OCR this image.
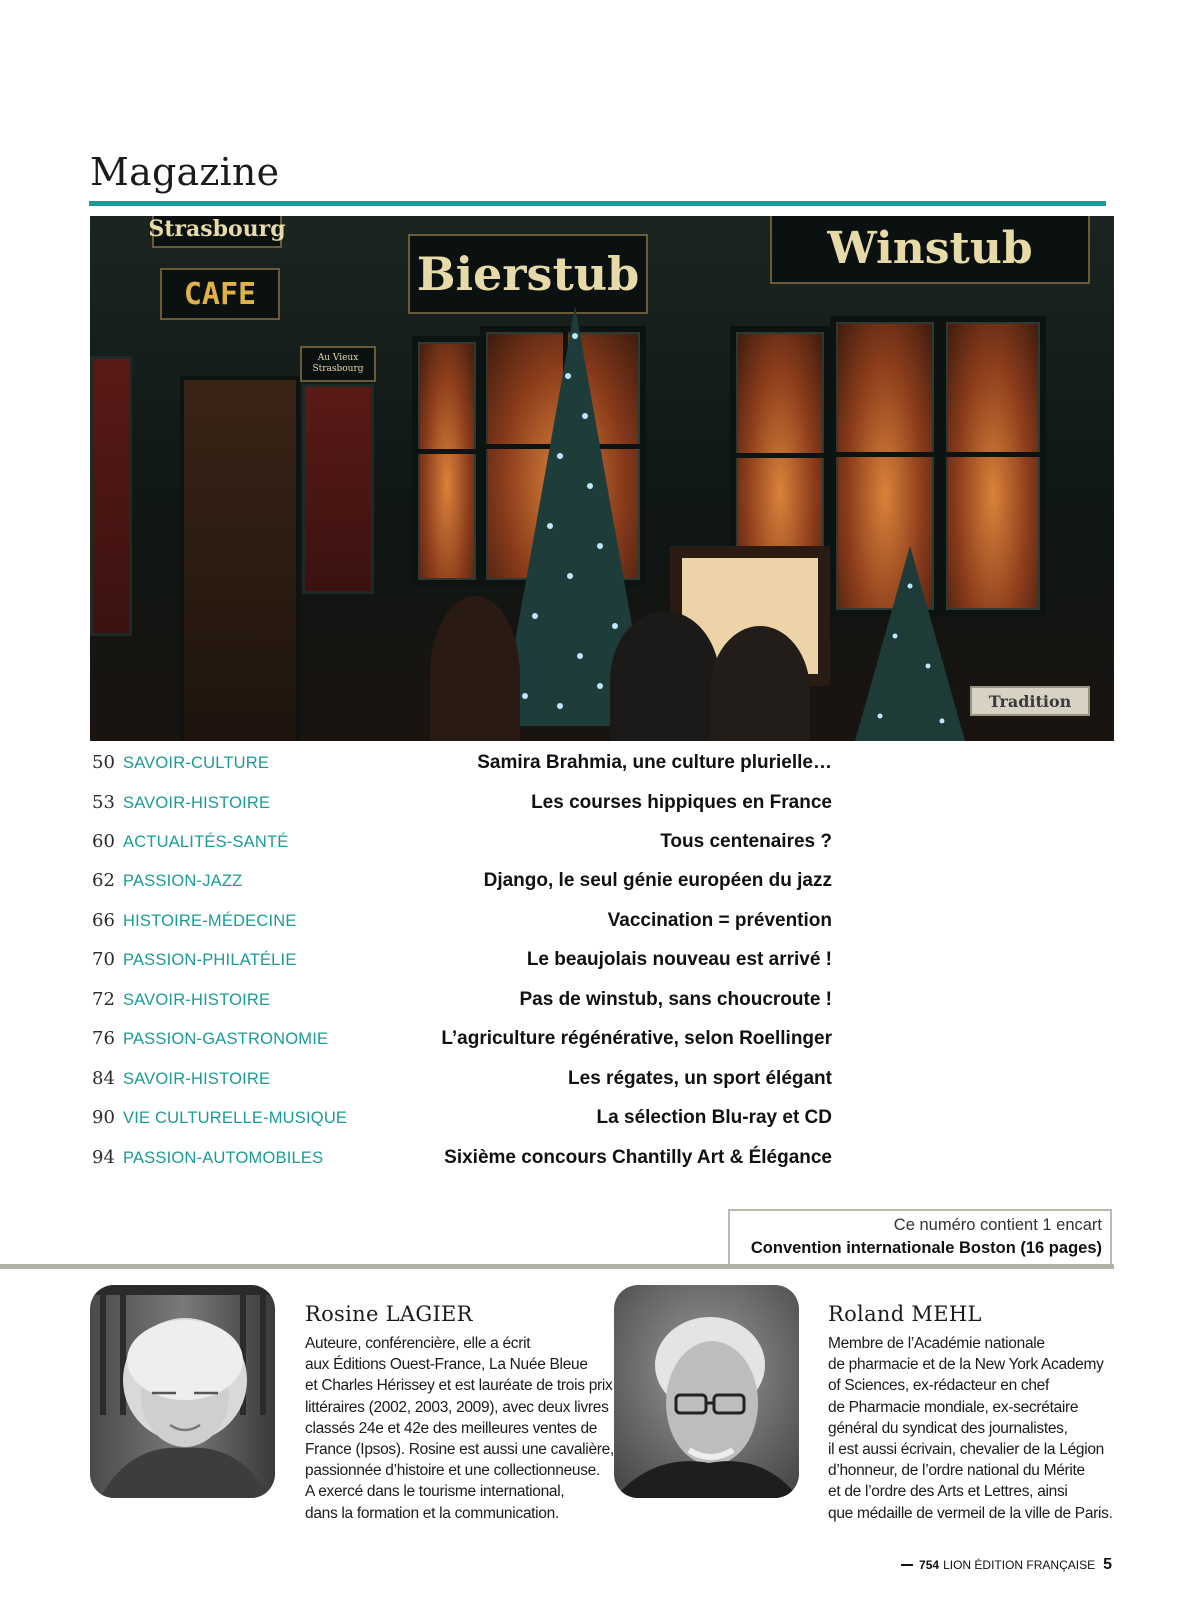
Magazine
Strasbourg
CAFE	Bierstub	Winstub
Au Vieux Strasbourg
Tradition
50 SAVOIR-CULTURE	Samira Brahmia, une culture plurielle…
53 SAVOIR-HISTOIRE	Les courses hippiques en France
60 ACTUALITÉS-SANTÉ	Tous centenaires ?
62 PASSION-JAZZ	Django, le seul génie européen du jazz
66 HISTOIRE-MÉDECINE	Vaccination = prévention
70 PASSION-PHILATÉLIE	Le beaujolais nouveau est arrivé !
72 SAVOIR-HISTOIRE	Pas de winstub, sans choucroute !
76 PASSION-GASTRONOMIE	L’agriculture régénérative, selon Roellinger
84 SAVOIR-HISTOIRE	Les régates, un sport élégant
90 VIE CULTURELLE-MUSIQUE	La sélection Blu-ray et CD
94 PASSION-AUTOMOBILES	Sixième concours Chantilly Art & Élégance
Ce numéro contient 1 encart
Convention internationale Boston (16 pages)
Rosine LAGIER
Auteure, conférencière, elle a écrit
aux Éditions Ouest-France, La Nuée Bleue
et Charles Hérissey et est lauréate de trois prix
littéraires (2002, 2003, 2009), avec deux livres
classés 24e et 42e des meilleures ventes de
France (Ipsos). Rosine est aussi une cavalière,
passionnée d’histoire et une collectionneuse.
A exercé dans le tourisme international,
dans la formation et la communication.
Roland MEHL
Membre de l’Académie nationale
de pharmacie et de la New York Academy
of Sciences, ex-rédacteur en chef
de Pharmacie mondiale, ex-secrétaire
général du syndicat des journalistes,
il est aussi écrivain, chevalier de la Légion
d’honneur, de l’ordre national du Mérite
et de l’ordre des Arts et Lettres, ainsi
que médaille de vermeil de la ville de Paris.
754 LION ÉDITION FRANÇAISE 5
